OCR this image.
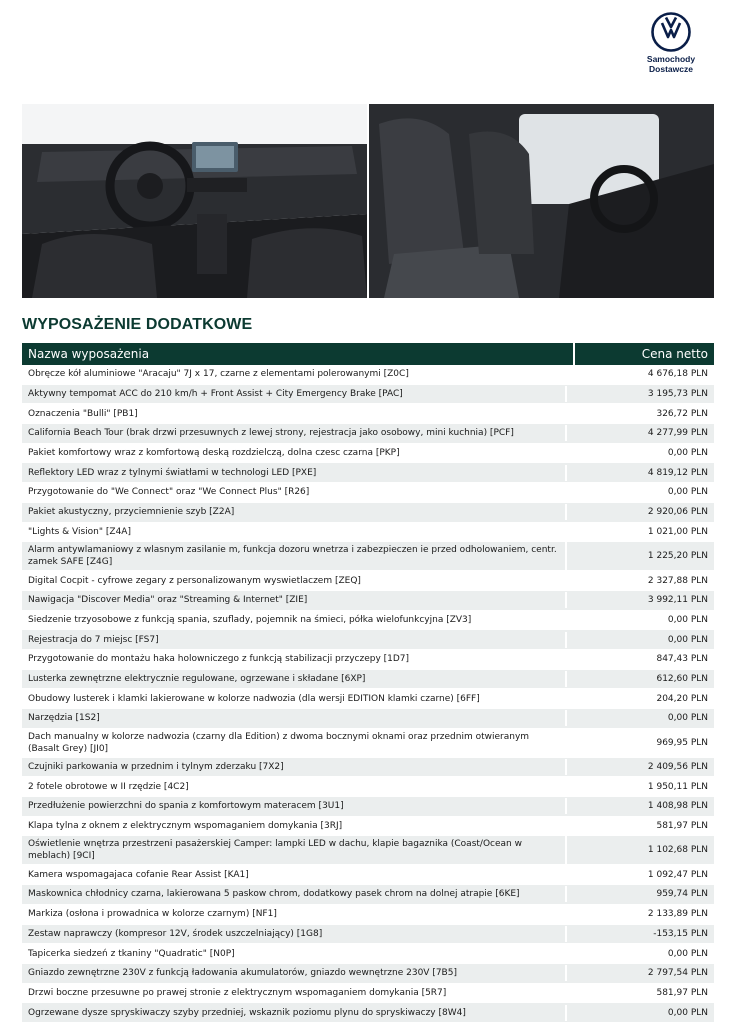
Samochody
Dostawcze
WYPOSAŻENIE DODATKOWE
Nazwa wyposażenia	Cena netto
Obręcze kół aluminiowe "Aracaju" 7J x 17, czarne z elementami polerowanymi [Z0C]	4 676,18 PLN
Aktywny tempomat ACC do 210 km/h + Front Assist + City Emergency Brake [PAC]	3 195,73 PLN
Oznaczenia "Bulli" [PB1]	326,72 PLN
California Beach Tour (brak drzwi przesuwnych z lewej strony, rejestracja jako osobowy, mini kuchnia) [PCF]	4 277,99 PLN
Pakiet komfortowy wraz z komfortową deską rozdzielczą, dolna czesc czarna [PKP]	0,00 PLN
Reflektory LED wraz z tylnymi światłami w technologi LED [PXE]	4 819,12 PLN
Przygotowanie do "We Connect" oraz "We Connect Plus" [R26]	0,00 PLN
Pakiet akustyczny, przyciemnienie szyb [Z2A]	2 920,06 PLN
"Lights & Vision" [Z4A]	1 021,00 PLN
Alarm antywlamaniowy z wlasnym zasilanie m, funkcja dozoru wnetrza i zabezpieczen ie przed odholowaniem, centr. zamek SAFE [Z4G]
1 225,20 PLN
Digital Cocpit - cyfrowe zegary z personalizowanym wyswietlaczem [ZEQ]	2 327,88 PLN
Nawigacja "Discover Media" oraz "Streaming & Internet" [ZIE]	3 992,11 PLN
Siedzenie trzyosobowe z funkcją spania, szuflady, pojemnik na śmieci, półka wielofunkcyjna [ZV3]	0,00 PLN
Rejestracja do 7 miejsc [FS7]	0,00 PLN
Przygotowanie do montażu haka holowniczego z funkcją stabilizacji przyczepy [1D7]	847,43 PLN
Lusterka zewnętrzne elektrycznie regulowane, ogrzewane i składane [6XP]	612,60 PLN
Obudowy lusterek i klamki lakierowane w kolorze nadwozia (dla wersji EDITION klamki czarne) [6FF]	204,20 PLN
Narzędzia [1S2]	0,00 PLN
Dach manualny w kolorze nadwozia (czarny dla Edition) z dwoma bocznymi oknami oraz przednim otwieranym (Basalt Grey) [JI0]
969,95 PLN
Czujniki parkowania w przednim i tylnym zderzaku [7X2]	2 409,56 PLN
2 fotele obrotowe w II rzędzie [4C2]	1 950,11 PLN
Przedłużenie powierzchni do spania z komfortowym materacem [3U1]	1 408,98 PLN
Klapa tylna z oknem z elektrycznym wspomaganiem domykania [3RJ]	581,97 PLN
Oświetlenie wnętrza przestrzeni pasażerskiej Camper: lampki LED w dachu, klapie bagaznika (Coast/Ocean w meblach) [9CI]
1 102,68 PLN
Kamera wspomagajaca cofanie Rear Assist [KA1]	1 092,47 PLN
Maskownica chłodnicy czarna, lakierowana 5 paskow chrom, dodatkowy pasek chrom na dolnej atrapie [6KE]	959,74 PLN
Markiza (osłona i prowadnica w kolorze czarnym) [NF1]	2 133,89 PLN
Zestaw naprawczy (kompresor 12V, środek uszczelniający) [1G8]	-153,15 PLN
Tapicerka siedzeń z tkaniny "Quadratic" [N0P]	0,00 PLN
Gniazdo zewnętrzne 230V z funkcją ładowania akumulatorów, gniazdo wewnętrzne 230V [7B5]	2 797,54 PLN
Drzwi boczne przesuwne po prawej stronie z elektrycznym wspomaganiem domykania [5R7]	581,97 PLN
Ogrzewane dysze spryskiwaczy szyby przedniej, wskaznik poziomu plynu do spryskiwaczy [8W4]	0,00 PLN
